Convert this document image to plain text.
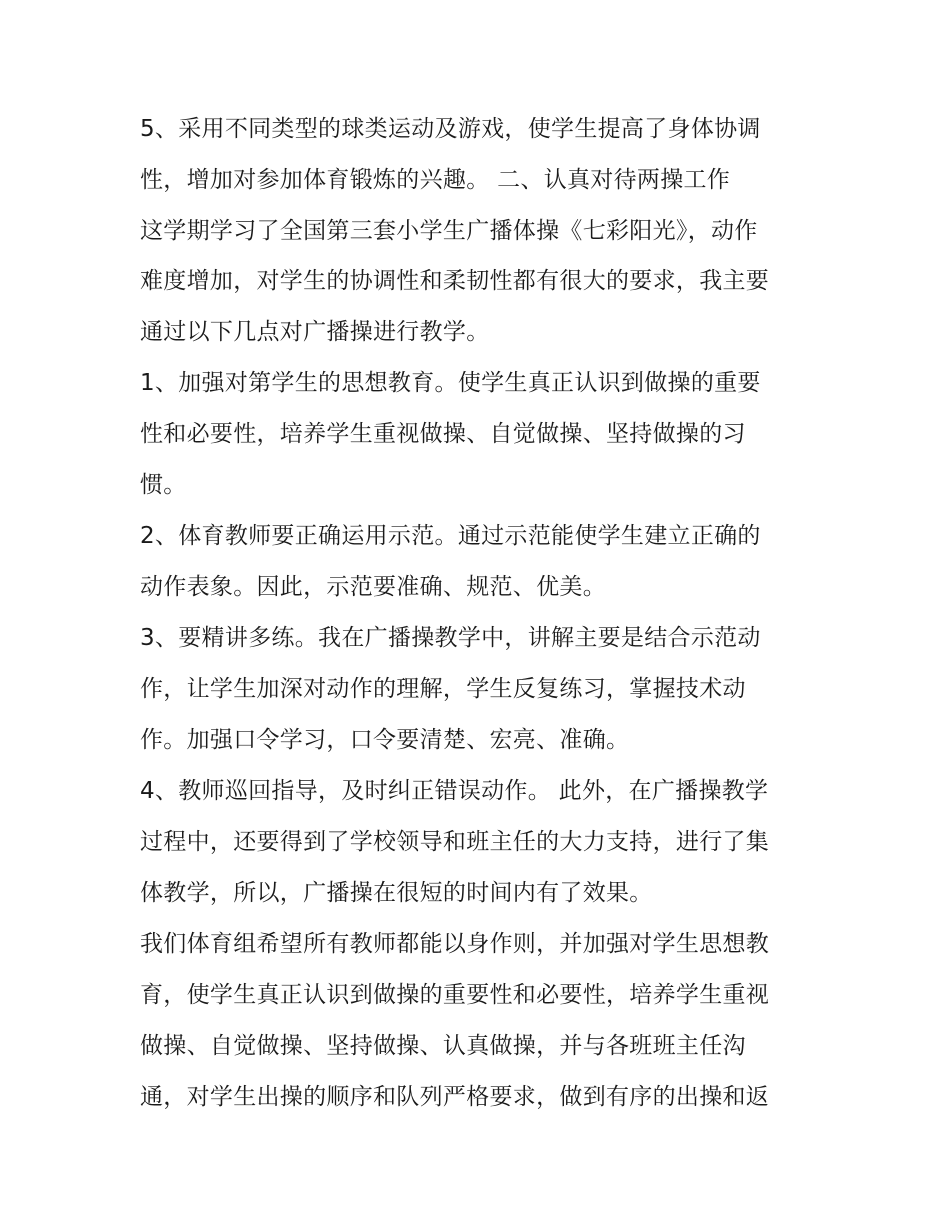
5、采用不同类型的球类运动及游戏，使学生提高了身体协调
性，增加对参加体育锻炼的兴趣。 二、认真对待两操工作
这学期学习了全国第三套小学生广播体操《七彩阳光》，动作
难度增加，对学生的协调性和柔韧性都有很大的要求，我主要
通过以下几点对广播操进行教学。
1、加强对第学生的思想教育。使学生真正认识到做操的重要
性和必要性，培养学生重视做操、自觉做操、坚持做操的习
惯。
2、体育教师要正确运用示范。通过示范能使学生建立正确的
动作表象。因此，示范要准确、规范、优美。
3、要精讲多练。我在广播操教学中，讲解主要是结合示范动
作，让学生加深对动作的理解，学生反复练习，掌握技术动
作。加强口令学习，口令要清楚、宏亮、准确。
4、教师巡回指导，及时纠正错误动作。 此外，在广播操教学
过程中，还要得到了学校领导和班主任的大力支持，进行了集
体教学，所以，广播操在很短的时间内有了效果。
我们体育组希望所有教师都能以身作则，并加强对学生思想教
育，使学生真正认识到做操的重要性和必要性，培养学生重视
做操、自觉做操、坚持做操、认真做操，并与各班班主任沟
通，对学生出操的顺序和队列严格要求，做到有序的出操和返
